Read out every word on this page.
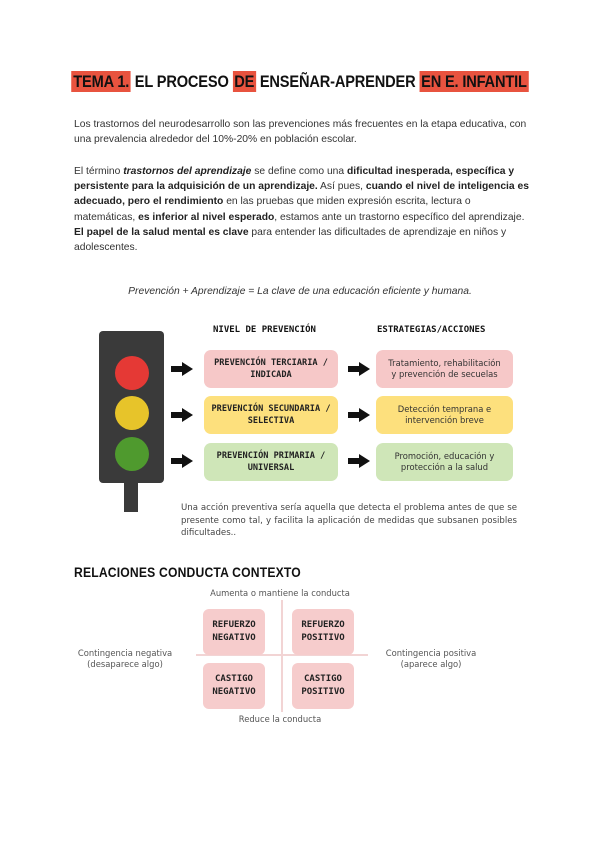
TEMA 1. EL PROCESO DE ENSEÑAR-APRENDER EN E. INFANTIL

Los trastornos del neurodesarrollo son las prevenciones más frecuentes en la etapa educativa, con una prevalencia alrededor del 10%-20% en población escolar.

El término trastornos del aprendizaje se define como una dificultad inesperada, específica y persistente para la adquisición de un aprendizaje. Así pues, cuando el nivel de inteligencia es adecuado, pero el rendimiento en las pruebas que miden expresión escrita, lectura o matemáticas, es inferior al nivel esperado, estamos ante un trastorno específico del aprendizaje.
El papel de la salud mental es clave para entender las dificultades de aprendizaje en niños y adolescentes.

Prevención + Aprendizaje = La clave de una educación eficiente y humana.

NIVEL DE PREVENCIÓN	ESTRATEGIAS/ACCIONES
PREVENCIÓN TERCIARIA /
INDICADA
PREVENCIÓN SECUNDARIA /
SELECTIVA
PREVENCIÓN PRIMARIA /
UNIVERSAL
Tratamiento, rehabilitación
y prevención de secuelas
Detección temprana e
intervención breve
Promoción, educación y
protección a la salud

Una acción preventiva sería aquella que detecta el problema antes de que se presente como tal, y facilita la aplicación de medidas que subsanen posibles dificultades..

RELACIONES CONDUCTA CONTEXTO
Aumenta o mantiene la conducta
Reduce la conducta
Contingencia negativa
(desaparece algo)
Contingencia positiva
(aparece algo)
REFUERZO
NEGATIVO
REFUERZO
POSITIVO
CASTIGO
NEGATIVO
CASTIGO
POSITIVO
